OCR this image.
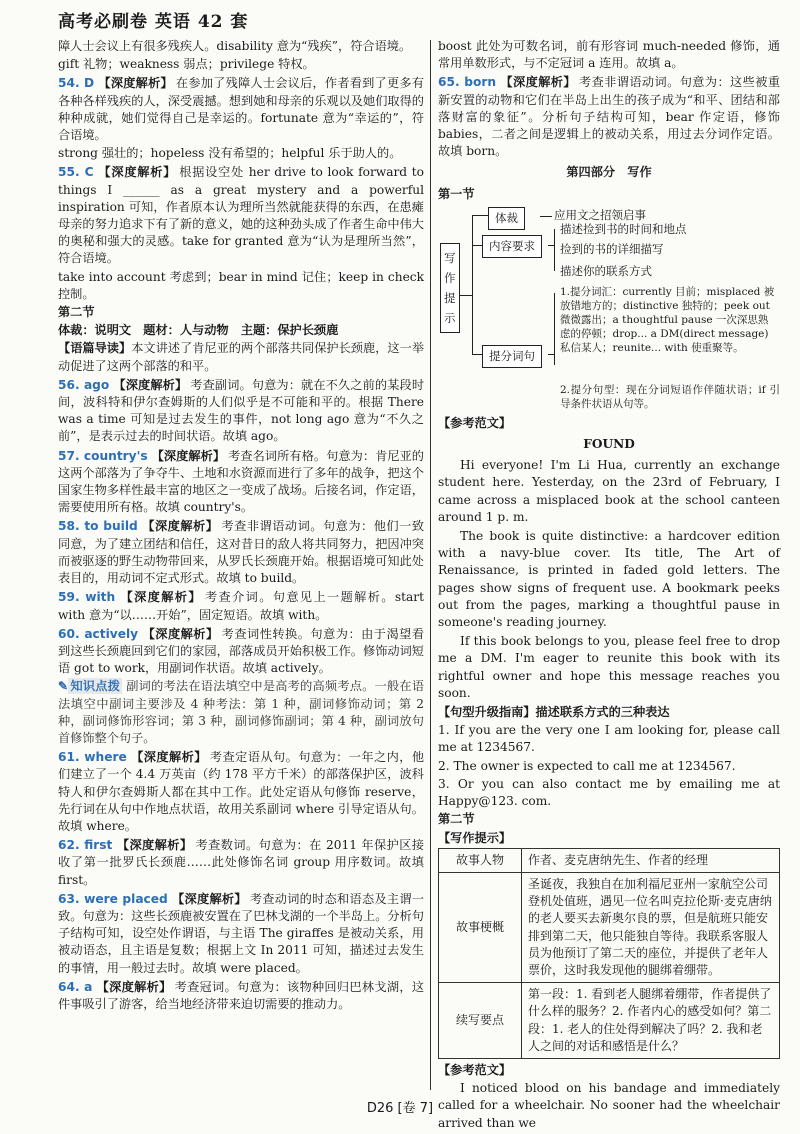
高考必刷卷 英语 42 套

障人士会议上有很多残疾人。disability 意为“残疾”，符合语境。

gift 礼物；weakness 弱点；privilege 特权。

54. D 【深度解析】 在参加了残障人士会议后，作者看到了更多有各种各样残疾的人，深受震撼。想到她和母亲的乐观以及她们取得的种种成就，她们觉得自己是幸运的。fortunate 意为“幸运的”，符合语境。

strong 强壮的；hopeless 没有希望的；helpful 乐于助人的。

55. C 【深度解析】 根据设空处 her drive to look forward to things I ______ as a great mystery and a powerful inspiration 可知，作者原本认为理所当然就能获得的东西，在患瘫母亲的努力追求下有了新的意义，她的这种劲头成了作者生命中伟大的奥秘和强大的灵感。take for granted 意为“认为是理所当然”，符合语境。

take into account 考虑到；bear in mind 记住；keep in check 控制。

第二节

体裁：说明文　题材：人与动物　主题：保护长颈鹿

【语篇导读】本文讲述了肯尼亚的两个部落共同保护长颈鹿，这一举动促进了这两个部落的和平。

56. ago 【深度解析】 考查副词。句意为：就在不久之前的某段时间，波科特和伊尔查姆斯的人们似乎是不可能和平的。根据 There was a time 可知是过去发生的事件，not long ago 意为“不久之前”，是表示过去的时间状语。故填 ago。

57. country's 【深度解析】 考查名词所有格。句意为：肯尼亚的这两个部落为了争夺牛、土地和水资源而进行了多年的战争，把这个国家生物多样性最丰富的地区之一变成了战场。后接名词，作定语，需要使用所有格。故填 country's。

58. to build 【深度解析】 考查非谓语动词。句意为：他们一致同意，为了建立团结和信任，这对昔日的敌人将共同努力，把因冲突而被驱逐的野生动物带回来，从罗氏长颈鹿开始。根据语境可知此处表目的，用动词不定式形式。故填 to build。

59. with 【深度解析】 考查介词。句意见上一题解析。start with 意为“以……开始”，固定短语。故填 with。

60. actively 【深度解析】 考查词性转换。句意为：由于渴望看到这些长颈鹿回到它们的家园，部落成员开始积极工作。修饰动词短语 got to work，用副词作状语。故填 actively。

✎ 知识点拨 副词的考法在语法填空中是高考的高频考点。一般在语法填空中副词主要涉及 4 种考法：第 1 种，副词修饰动词；第 2 种，副词修饰形容词；第 3 种，副词修饰副词；第 4 种，副词放句首修饰整个句子。

61. where 【深度解析】 考查定语从句。句意为：一年之内，他们建立了一个 4.4 万英亩（约 178 平方千米）的部落保护区，波科特人和伊尔查姆斯人都在其中工作。此处定语从句修饰 reserve，先行词在从句中作地点状语，故用关系副词 where 引导定语从句。故填 where。

62. first 【深度解析】 考查数词。句意为：在 2011 年保护区接收了第一批罗氏长颈鹿……此处修饰名词 group 用序数词。故填 first。

63. were placed 【深度解析】 考查动词的时态和语态及主谓一致。句意为：这些长颈鹿被安置在了巴林戈湖的一个半岛上。分析句子结构可知，设空处作谓语，与主语 The giraffes 是被动关系，用被动语态，且主语是复数；根据上文 In 2011 可知，描述过去发生的事情，用一般过去时。故填 were placed。

64. a 【深度解析】 考查冠词。句意为：该物种回归巴林戈湖，这件事吸引了游客，给当地经济带来迫切需要的推动力。

boost 此处为可数名词，前有形容词 much-needed 修饰，通常用单数形式，与不定冠词 a 连用。故填 a。

65. born 【深度解析】 考查非谓语动词。句意为：这些被重新安置的动物和它们在半岛上出生的孩子成为“和平、团结和部落财富的象征”。分析句子结构可知，bear 作定语，修饰 babies，二者之间是逻辑上的被动关系，用过去分词作定语。故填 born。

第四部分　写作

第一节

写作提示
体裁	应用文之招领启事
内容要求
描述捡到书的时间和地点
捡到的书的详细描写
描述你的联系方式
提分词句
1.提分词汇：currently 目前；misplaced 被放错地方的；distinctive 独特的；peek out 微微露出；a thoughtful pause 一次深思熟虑的停顿；drop... a DM(direct message) 私信某人；reunite... with 使重聚等。

2.提分句型：现在分词短语作伴随状语；if 引导条件状语从句等。

【参考范文】

FOUND

Hi everyone! I'm Li Hua, currently an exchange student here. Yesterday, on the 23rd of February, I came across a misplaced book at the school canteen around 1 p. m.

The book is quite distinctive: a hardcover edition with a navy-blue cover. Its title, The Art of Renaissance, is printed in faded gold letters. The pages show signs of frequent use. A bookmark peeks out from the pages, marking a thoughtful pause in someone's reading journey.

If this book belongs to you, please feel free to drop me a DM. I'm eager to reunite this book with its rightful owner and hope this message reaches you soon.

【句型升级指南】描述联系方式的三种表达

1. If you are the very one I am looking for, please call me at 1234567.

2. The owner is expected to call me at 1234567.

3. Or you can also contact me by emailing me at Happy@123. com.

第二节

【写作提示】

故事人物	作者、麦克唐纳先生、作者的经理
故事梗概	圣诞夜，我独自在加利福尼亚州一家航空公司登机处值班，遇见一位名叫克拉伦斯·麦克唐纳的老人要买去新奥尔良的票，但是航班只能安排到第二天，他只能独自等待。我联系客服人员为他预订了第二天的座位，并提供了老年人票价，这时我发现他的腿绑着绷带。
续写要点	第一段：1. 看到老人腿绑着绷带，作者提供了什么样的服务？2. 作者内心的感受如何？第二段：1. 老人的住处得到解决了吗？2. 我和老人之间的对话和感悟是什么？

【参考范文】

I noticed blood on his bandage and immediately called for a wheelchair. No sooner had the wheelchair arrived than we

D26 [卷 7]
